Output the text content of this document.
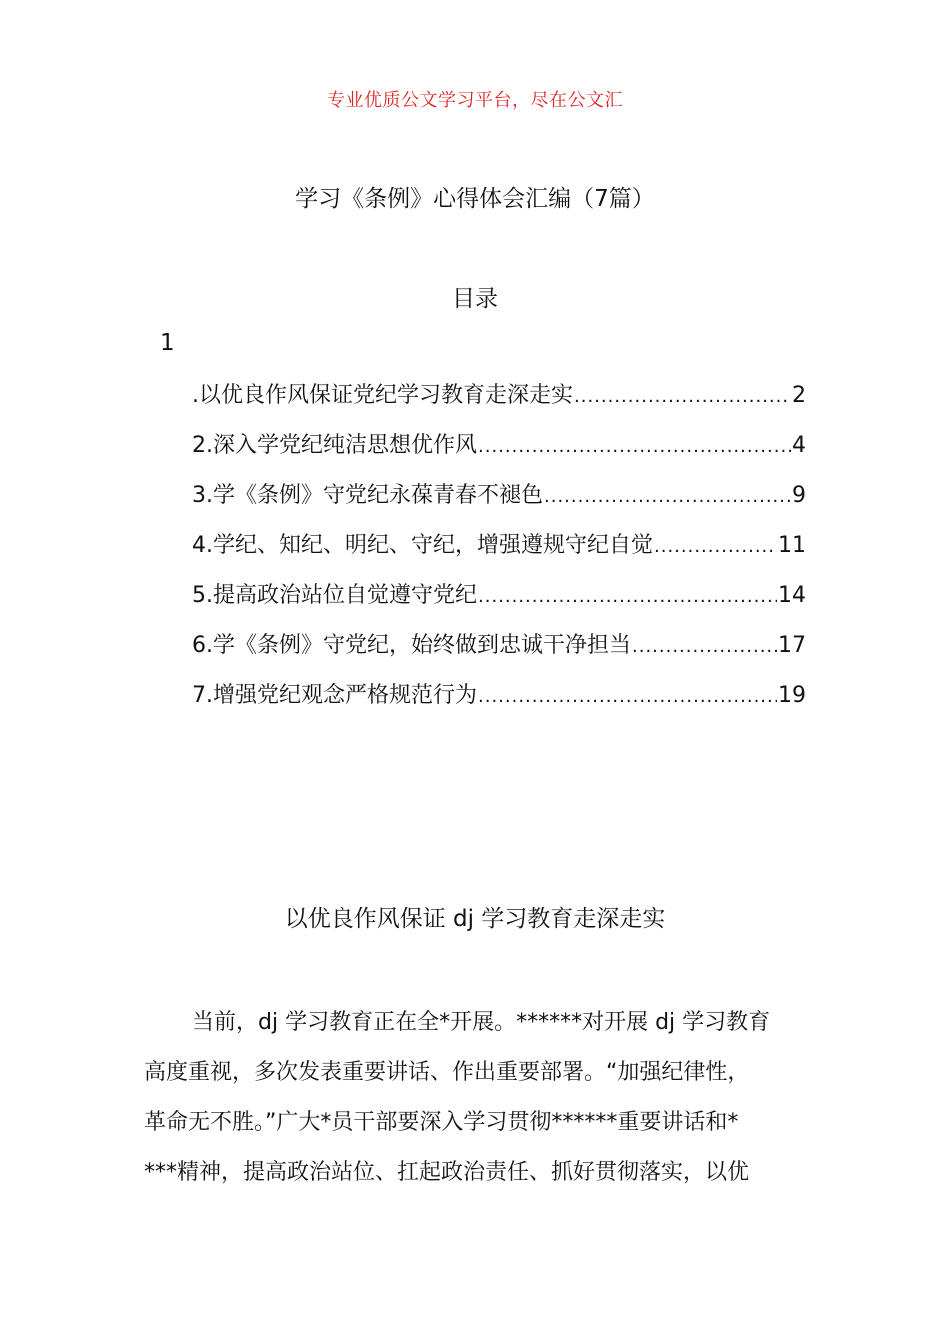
专业优质公文学习平台，尽在公文汇
学习《条例》心得体会汇编（7篇）
目录
1
.以优良作风保证党纪学习教育走深走实 .....	2
2.深入学党纪纯洁思想优作风 .....	4
3.学《条例》守党纪永葆青春不褪色 .....	9
4.学纪、知纪、明纪、守纪，增强遵规守纪自觉 .....	11
5.提高政治站位自觉遵守党纪 .....	14
6.学《条例》守党纪，始终做到忠诚干净担当 .....	17
7.增强党纪观念严格规范行为 .....	19
以优良作风保证 dj 学习教育走深走实
当前，dj 学习教育正在全*开展。******对开展 dj 学习教育
高度重视，多次发表重要讲话、作出重要部署。“加强纪律性，
革命无不胜。”广大*员干部要深入学习贯彻******重要讲话和*
***精神，提高政治站位、扛起政治责任、抓好贯彻落实，以优
